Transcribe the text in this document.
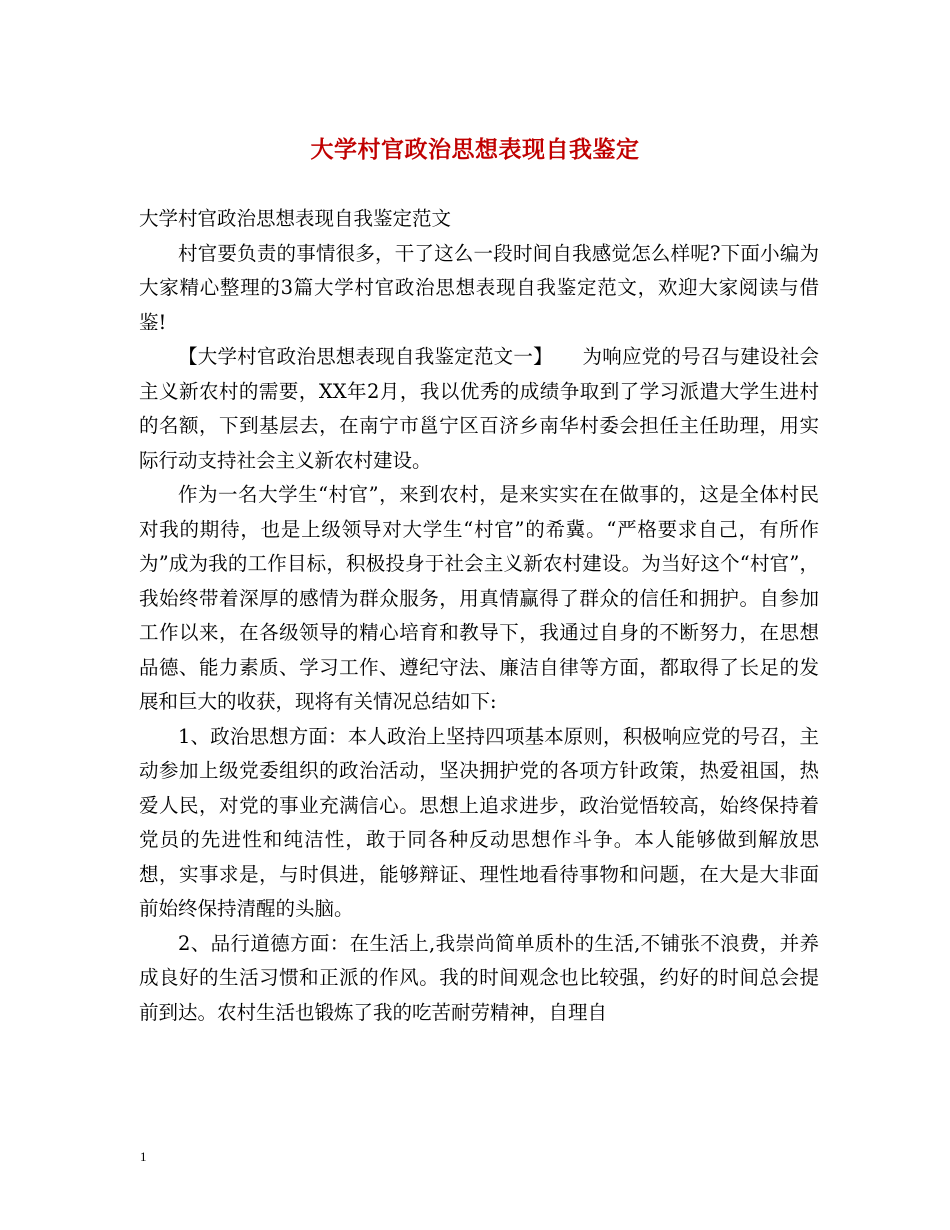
大学村官政治思想表现自我鉴定

大学村官政治思想表现自我鉴定范文

村官要负责的事情很多，干了这么一段时间自我感觉怎么样呢?下面小编为大家精心整理的3篇大学村官政治思想表现自我鉴定范文，欢迎大家阅读与借鉴!

【大学村官政治思想表现自我鉴定范文一】　　为响应党的号召与建设社会主义新农村的需要，XX年2月，我以优秀的成绩争取到了学习派遣大学生进村的名额，下到基层去，在南宁市邕宁区百济乡南华村委会担任主任助理，用实际行动支持社会主义新农村建设。

作为一名大学生“村官”，来到农村，是来实实在在做事的，这是全体村民对我的期待，也是上级领导对大学生“村官”的希冀。“严格要求自己，有所作为”成为我的工作目标，积极投身于社会主义新农村建设。为当好这个“村官”，我始终带着深厚的感情为群众服务，用真情赢得了群众的信任和拥护。自参加工作以来，在各级领导的精心培育和教导下，我通过自身的不断努力，在思想品德、能力素质、学习工作、遵纪守法、廉洁自律等方面，都取得了长足的发展和巨大的收获，现将有关情况总结如下:

1、政治思想方面：本人政治上坚持四项基本原则，积极响应党的号召，主动参加上级党委组织的政治活动，坚决拥护党的各项方针政策，热爱祖国，热爱人民，对党的事业充满信心。思想上追求进步，政治觉悟较高，始终保持着党员的先进性和纯洁性，敢于同各种反动思想作斗争。本人能够做到解放思想，实事求是，与时俱进，能够辩证、理性地看待事物和问题，在大是大非面前始终保持清醒的头脑。

2、品行道德方面：在生活上,我崇尚简单质朴的生活,不铺张不浪费，并养成良好的生活习惯和正派的作风。我的时间观念也比较强，约好的时间总会提前到达。农村生活也锻炼了我的吃苦耐劳精神，自理自

1
